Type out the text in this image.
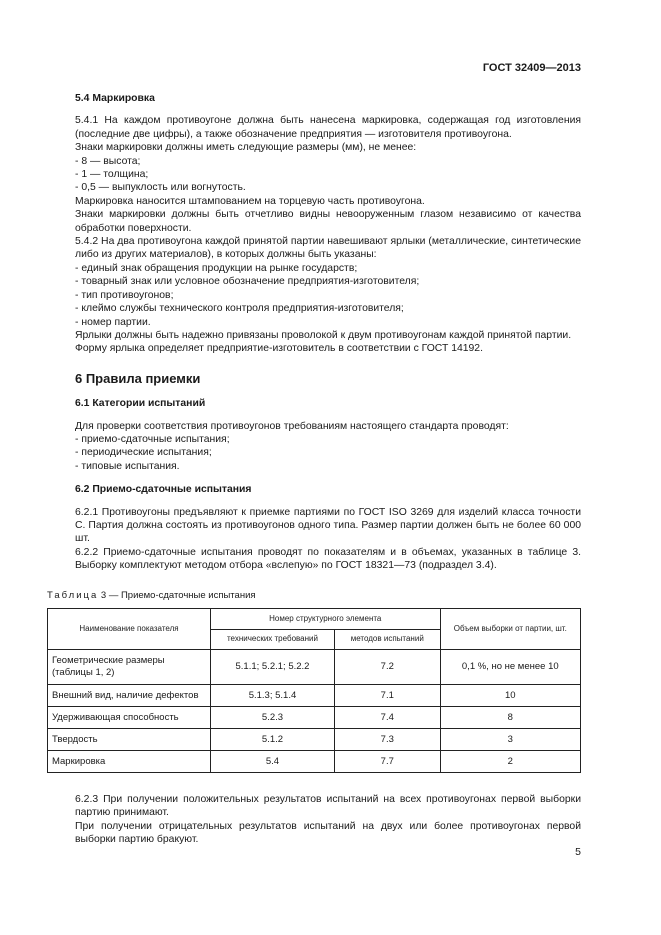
ГОСТ 32409—2013

5.4 Маркировка

5.4.1 На каждом противоугоне должна быть нанесена маркировка, содержащая год изготовления (последние две цифры), а также обозначение предприятия — изготовителя противоугона.

Знаки маркировки должны иметь следующие размеры (мм), не менее:

- 8 — высота;

- 1 — толщина;

- 0,5 — выпуклость или вогнутость.

Маркировка наносится штампованием на торцевую часть противоугона.

Знаки маркировки должны быть отчетливо видны невооруженным глазом независимо от качества обработки поверхности.

5.4.2 На два противоугона каждой принятой партии навешивают ярлыки (металлические, синтетические либо из других материалов), в которых должны быть указаны:

- единый знак обращения продукции на рынке государств;

- товарный знак или условное обозначение предприятия-изготовителя;

- тип противоугонов;

- клеймо службы технического контроля предприятия-изготовителя;

- номер партии.

Ярлыки должны быть надежно привязаны проволокой к двум противоугонам каждой принятой партии.

Форму ярлыка определяет предприятие-изготовитель в соответствии с ГОСТ 14192.

6 Правила приемки

6.1 Категории испытаний

Для проверки соответствия противоугонов требованиям настоящего стандарта проводят:

- приемо-сдаточные испытания;

- периодические испытания;

- типовые испытания.

6.2 Приемо-сдаточные испытания

6.2.1 Противоугоны предъявляют к приемке партиями по ГОСТ ISO 3269 для изделий класса точности С. Партия должна состоять из противоугонов одного типа. Размер партии должен быть не более 60 000 шт.

6.2.2 Приемо-сдаточные испытания проводят по показателям и в объемах, указанных в таблице 3. Выборку комплектуют методом отбора «вслепую» по ГОСТ 18321—73 (подраздел 3.4).

Таблица 3 — Приемо-сдаточные испытания
Наименование показателя	Номер структурного элемента		Объем выборки от партии, шт.
	технических требований	методов испытаний	
Геометрические размеры (таблицы 1, 2)	5.1.1; 5.2.1; 5.2.2	7.2	0,1 %, но не менее 10
Внешний вид, наличие дефектов	5.1.3; 5.1.4	7.1	10
Удерживающая способность	5.2.3	7.4	8
Твердость	5.1.2	7.3	3
Маркировка	5.4	7.7	2

6.2.3 При получении положительных результатов испытаний на всех противоугонах первой выборки партию принимают.

При получении отрицательных результатов испытаний на двух или более противоугонах первой выборки партию бракуют.

5
